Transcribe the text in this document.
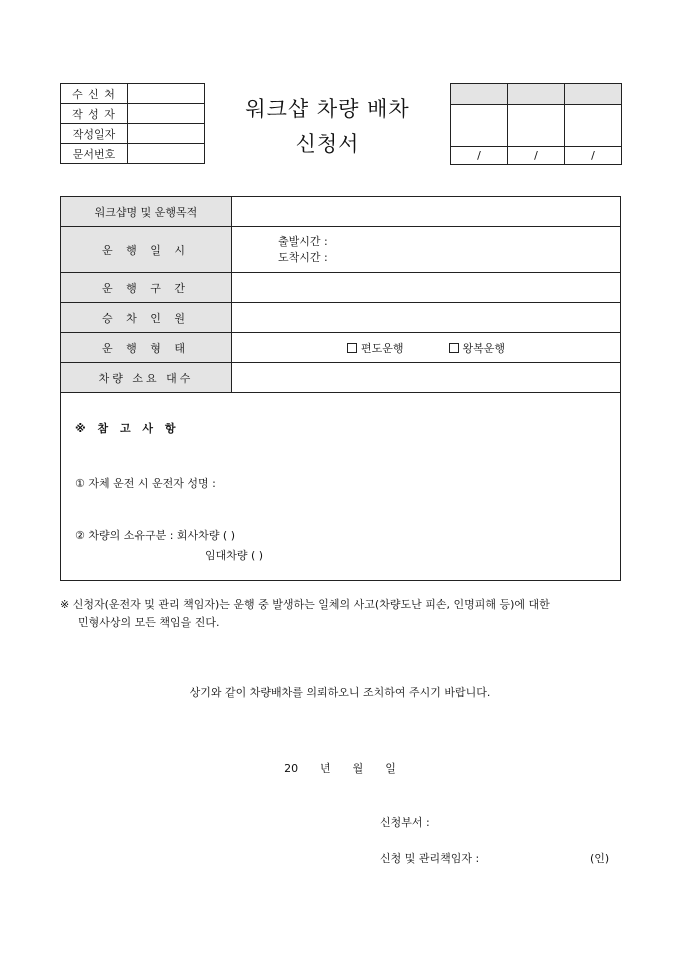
수 신 처	
작 성 자	
작성일자	
문서번호	
워크샵 차량 배차
신청서

			/	/	/
워크샵명 및 운행목적	
운 행 일 시	출발시간 :
도착시간 :

운 행 구 간	
승 차 인 원	
운 행 형 태	편도운행 왕복운행
차량 소요 대수	

※ 참 고 사 항
① 자체 운전 시 운전자 성명 :
② 차량의 소유구분 : 회사차량 ( )
임대차량 ( )	
※ 신청자(운전자 및 관리 책임자)는 운행 중 발생하는 일체의 사고(차량도난 피손, 인명피해 등)에 대한
민형사상의 모든 책임을 진다.
상기와 같이 차량배차를 의뢰하오니 조치하여 주시기 바랍니다.
20    년    월    일
신청부서 :
신청 및 관리책임자 :	(인)
